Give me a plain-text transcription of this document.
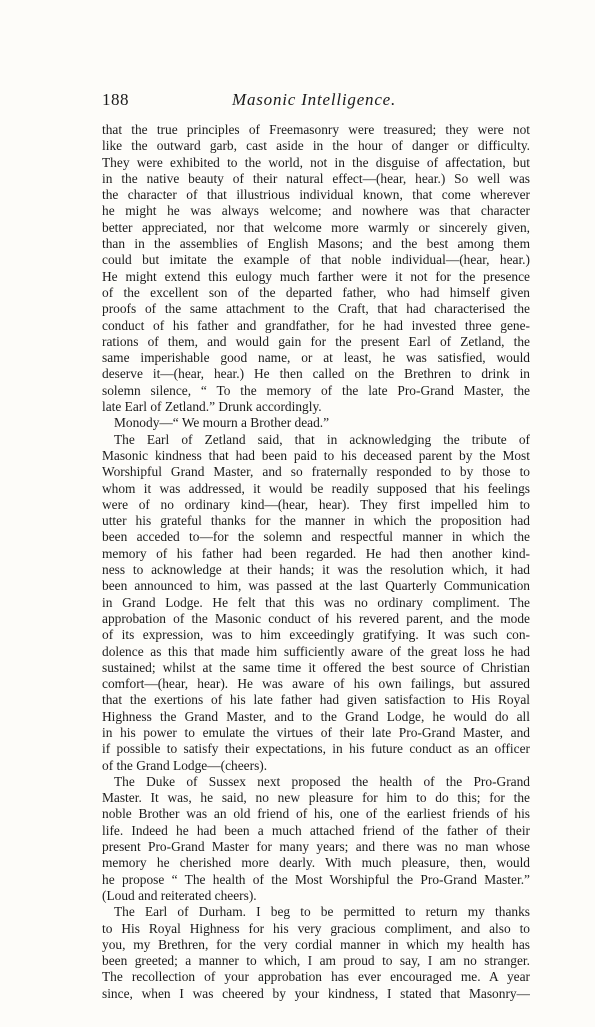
188	Masonic Intelligence.
that the true principles of Freemasonry were treasured; they were not
like the outward garb, cast aside in the hour of danger or difficulty.
They were exhibited to the world, not in the disguise of affectation, but
in the native beauty of their natural effect—(hear, hear.) So well was
the character of that illustrious individual known, that come wherever
he might he was always welcome; and nowhere was that character
better appreciated, nor that welcome more warmly or sincerely given,
than in the assemblies of English Masons; and the best among them
could but imitate the example of that noble individual—(hear, hear.)
He might extend this eulogy much farther were it not for the presence
of the excellent son of the departed father, who had himself given
proofs of the same attachment to the Craft, that had characterised the
conduct of his father and grandfather, for he had invested three gene-
rations of them, and would gain for the present Earl of Zetland, the
same imperishable good name, or at least, he was satisfied, would
deserve it—(hear, hear.) He then called on the Brethren to drink in
solemn silence, “ To the memory of the late Pro-Grand Master, the
late Earl of Zetland.” Drunk accordingly.
Monody—“ We mourn a Brother dead.”
The Earl of Zetland said, that in acknowledging the tribute of
Masonic kindness that had been paid to his deceased parent by the Most
Worshipful Grand Master, and so fraternally responded to by those to
whom it was addressed, it would be readily supposed that his feelings
were of no ordinary kind—(hear, hear). They first impelled him to
utter his grateful thanks for the manner in which the proposition had
been acceded to—for the solemn and respectful manner in which the
memory of his father had been regarded. He had then another kind-
ness to acknowledge at their hands; it was the resolution which, it had
been announced to him, was passed at the last Quarterly Communication
in Grand Lodge. He felt that this was no ordinary compliment. The
approbation of the Masonic conduct of his revered parent, and the mode
of its expression, was to him exceedingly gratifying. It was such con-
dolence as this that made him sufficiently aware of the great loss he had
sustained; whilst at the same time it offered the best source of Christian
comfort—(hear, hear). He was aware of his own failings, but assured
that the exertions of his late father had given satisfaction to His Royal
Highness the Grand Master, and to the Grand Lodge, he would do all
in his power to emulate the virtues of their late Pro-Grand Master, and
if possible to satisfy their expectations, in his future conduct as an officer
of the Grand Lodge—(cheers).
The Duke of Sussex next proposed the health of the Pro-Grand
Master. It was, he said, no new pleasure for him to do this; for the
noble Brother was an old friend of his, one of the earliest friends of his
life. Indeed he had been a much attached friend of the father of their
present Pro-Grand Master for many years; and there was no man whose
memory he cherished more dearly. With much pleasure, then, would
he propose “ The health of the Most Worshipful the Pro-Grand Master.”
(Loud and reiterated cheers).
The Earl of Durham. I beg to be permitted to return my thanks
to His Royal Highness for his very gracious compliment, and also to
you, my Brethren, for the very cordial manner in which my health has
been greeted; a manner to which, I am proud to say, I am no stranger.
The recollection of your approbation has ever encouraged me. A year
since, when I was cheered by your kindness, I stated that Masonry—
